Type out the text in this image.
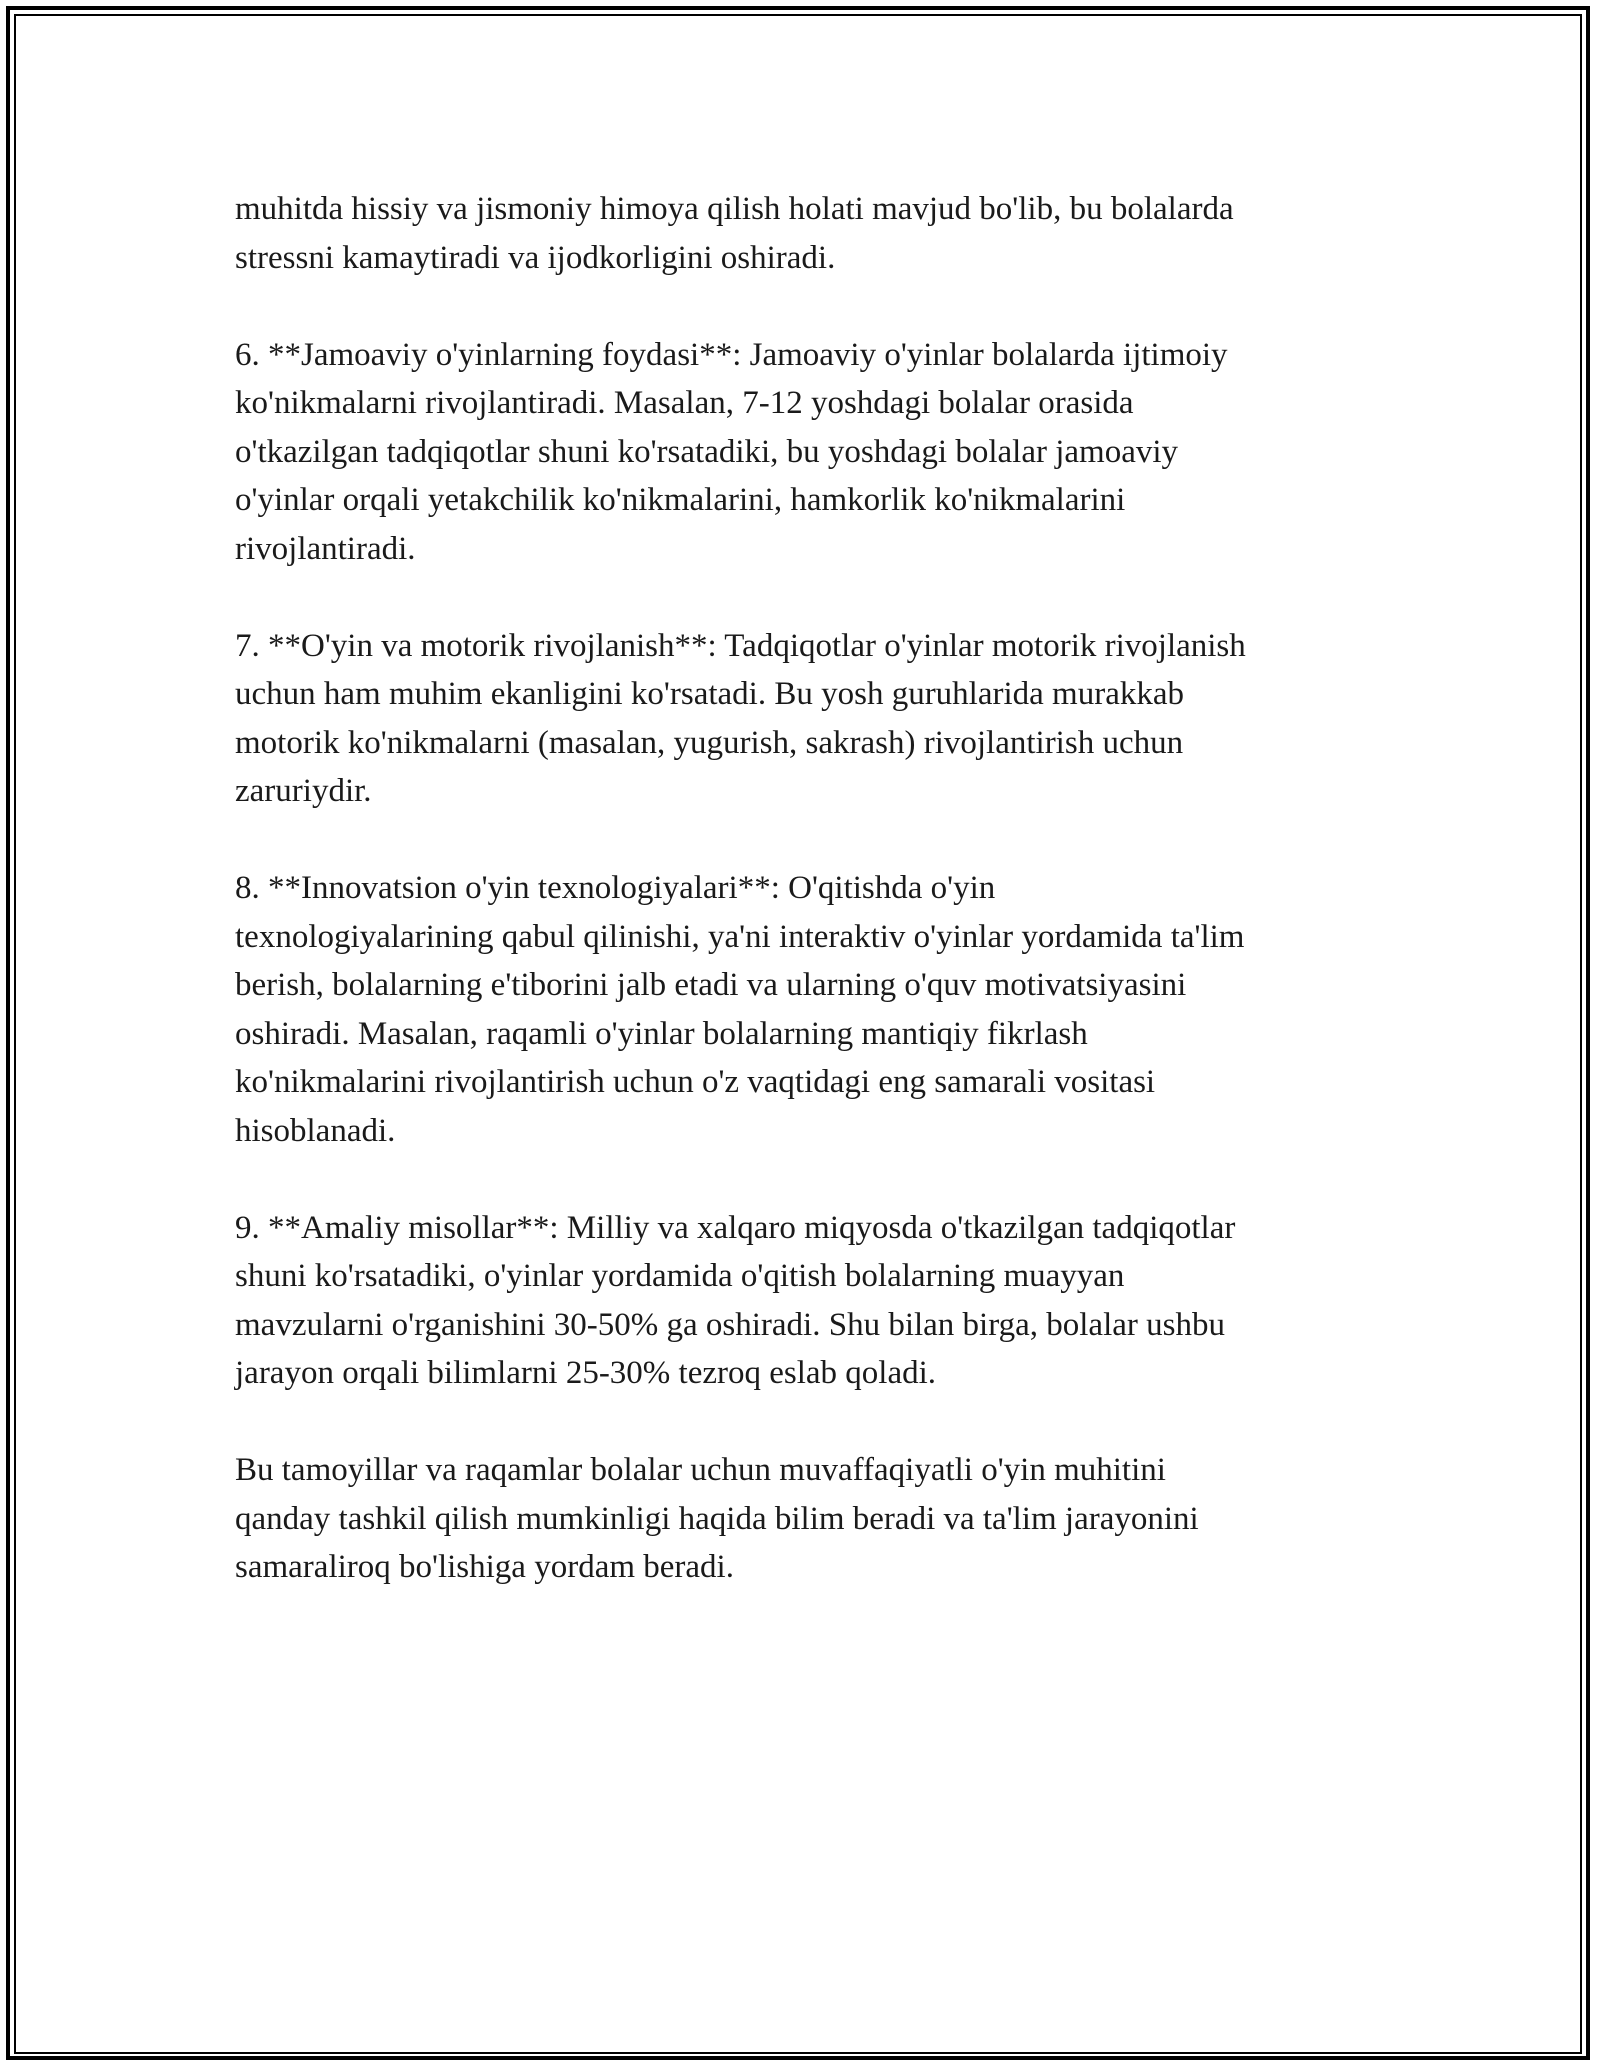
muhitda hissiy va jismoniy himoya qilish holati mavjud bo'lib, bu bolalarda
stressni kamaytiradi va ijodkorligini oshiradi.

6. **Jamoaviy o'yinlarning foydasi**: Jamoaviy o'yinlar bolalarda ijtimoiy
ko'nikmalarni rivojlantiradi. Masalan, 7-12 yoshdagi bolalar orasida
o'tkazilgan tadqiqotlar shuni ko'rsatadiki, bu yoshdagi bolalar jamoaviy
o'yinlar orqali yetakchilik ko'nikmalarini, hamkorlik ko'nikmalarini
rivojlantiradi.

7. **O'yin va motorik rivojlanish**: Tadqiqotlar o'yinlar motorik rivojlanish
uchun ham muhim ekanligini ko'rsatadi. Bu yosh guruhlarida murakkab
motorik ko'nikmalarni (masalan, yugurish, sakrash) rivojlantirish uchun
zaruriydir.

8. **Innovatsion o'yin texnologiyalari**: O'qitishda o'yin
texnologiyalarining qabul qilinishi, ya'ni interaktiv o'yinlar yordamida ta'lim
berish, bolalarning e'tiborini jalb etadi va ularning o'quv motivatsiyasini
oshiradi. Masalan, raqamli o'yinlar bolalarning mantiqiy fikrlash
ko'nikmalarini rivojlantirish uchun o'z vaqtidagi eng samarali vositasi
hisoblanadi.

9. **Amaliy misollar**: Milliy va xalqaro miqyosda o'tkazilgan tadqiqotlar
shuni ko'rsatadiki, o'yinlar yordamida o'qitish bolalarning muayyan
mavzularni o'rganishini 30-50% ga oshiradi. Shu bilan birga, bolalar ushbu
jarayon orqali bilimlarni 25-30% tezroq eslab qoladi.

Bu tamoyillar va raqamlar bolalar uchun muvaffaqiyatli o'yin muhitini
qanday tashkil qilish mumkinligi haqida bilim beradi va ta'lim jarayonini
samaraliroq bo'lishiga yordam beradi.
